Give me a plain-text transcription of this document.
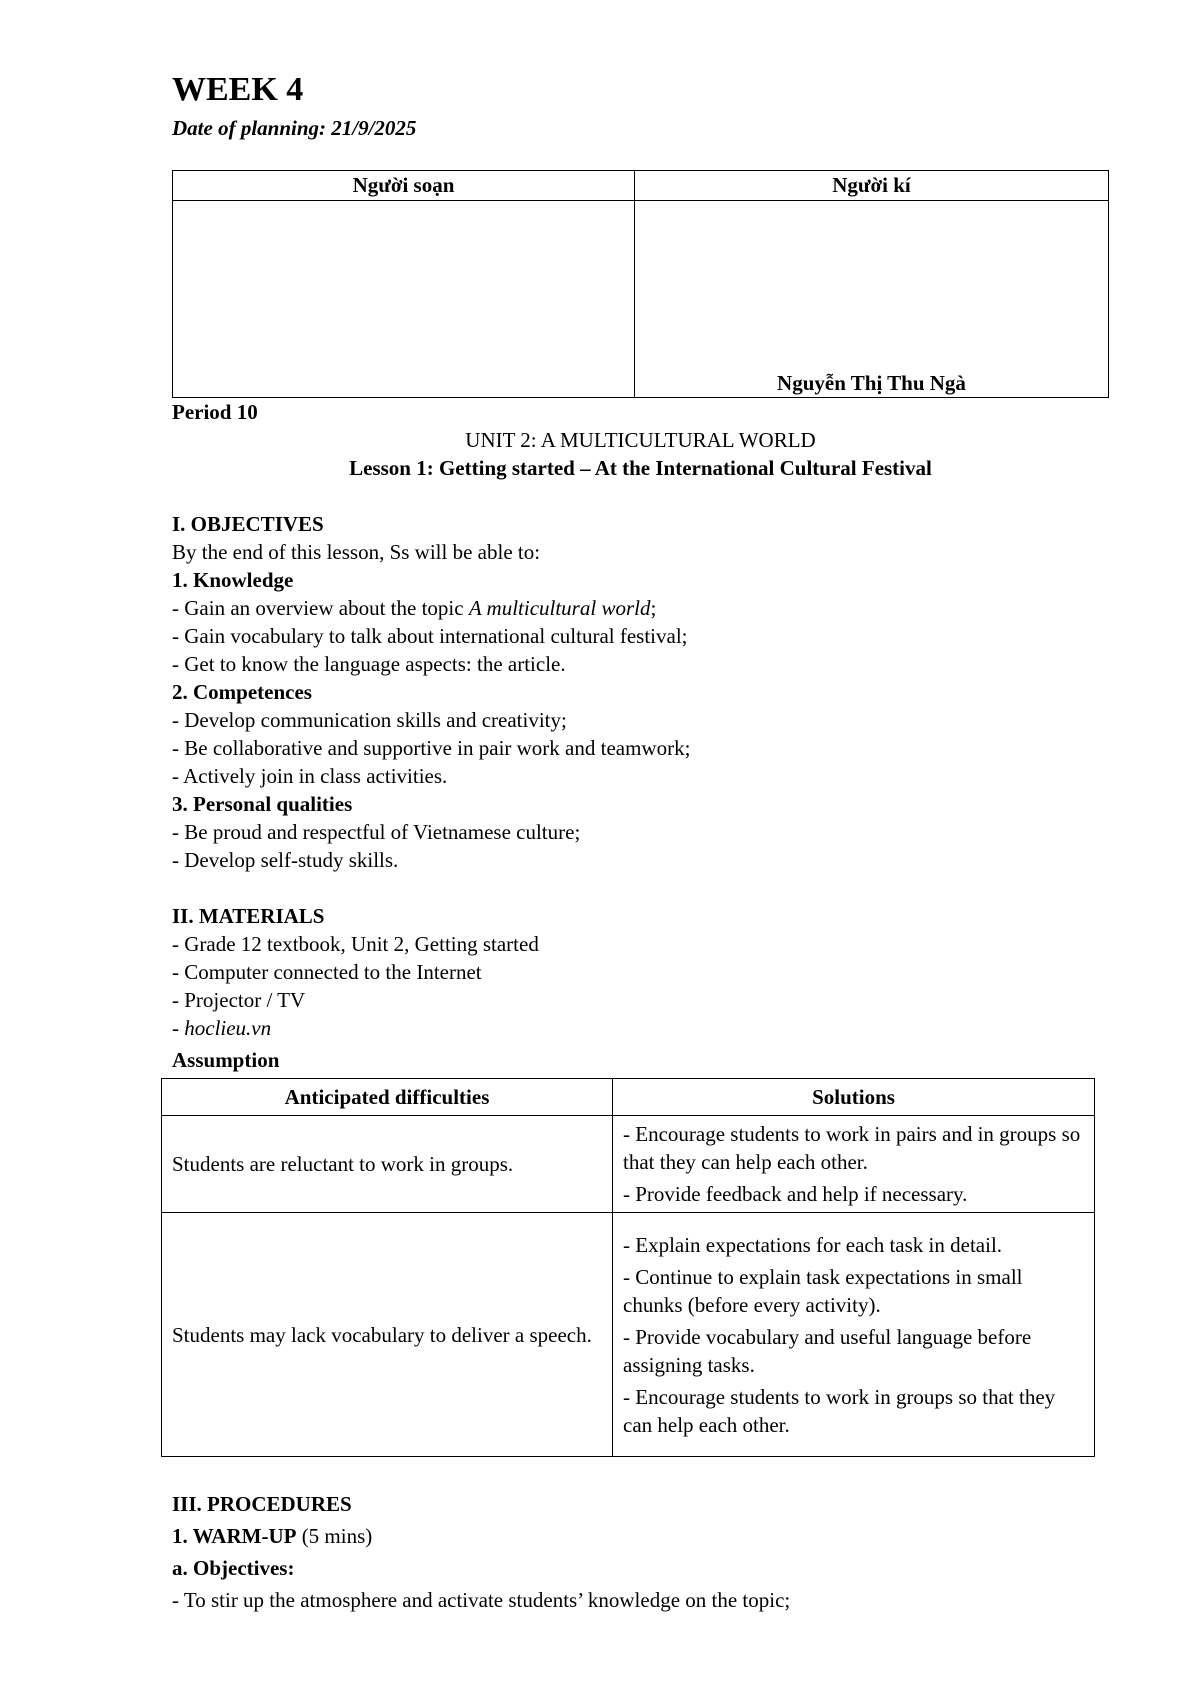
WEEK 4
Date of planning: 21/9/2025
Người soạn	Người kí
	Nguyễn Thị Thu Ngà
Period 10
UNIT 2: A MULTICULTURAL WORLD
Lesson 1: Getting started – At the International Cultural Festival
I. OBJECTIVES
By the end of this lesson, Ss will be able to:
1. Knowledge
- Gain an overview about the topic A multicultural world;
- Gain vocabulary to talk about international cultural festival;
- Get to know the language aspects: the article.
2. Competences
- Develop communication skills and creativity;
- Be collaborative and supportive in pair work and teamwork;
- Actively join in class activities.
3. Personal qualities
- Be proud and respectful of Vietnamese culture;
- Develop self-study skills.
II. MATERIALS
- Grade 12 textbook, Unit 2, Getting started
- Computer connected to the Internet
- Projector / TV
- hoclieu.vn
Assumption
Anticipated difficulties	Solutions
Students are reluctant to work in groups.	- Encourage students to work in pairs and in groups so that they can help each other.

- Provide feedback and help if necessary.

Students may lack vocabulary to deliver a speech.	- Explain expectations for each task in detail.

- Continue to explain task expectations in small chunks (before every activity).

- Provide vocabulary and useful language before assigning tasks.

- Encourage students to work in groups so that they can help each other.

III. PROCEDURES
1. WARM-UP (5 mins)
a. Objectives:
- To stir up the atmosphere and activate students’ knowledge on the topic;
